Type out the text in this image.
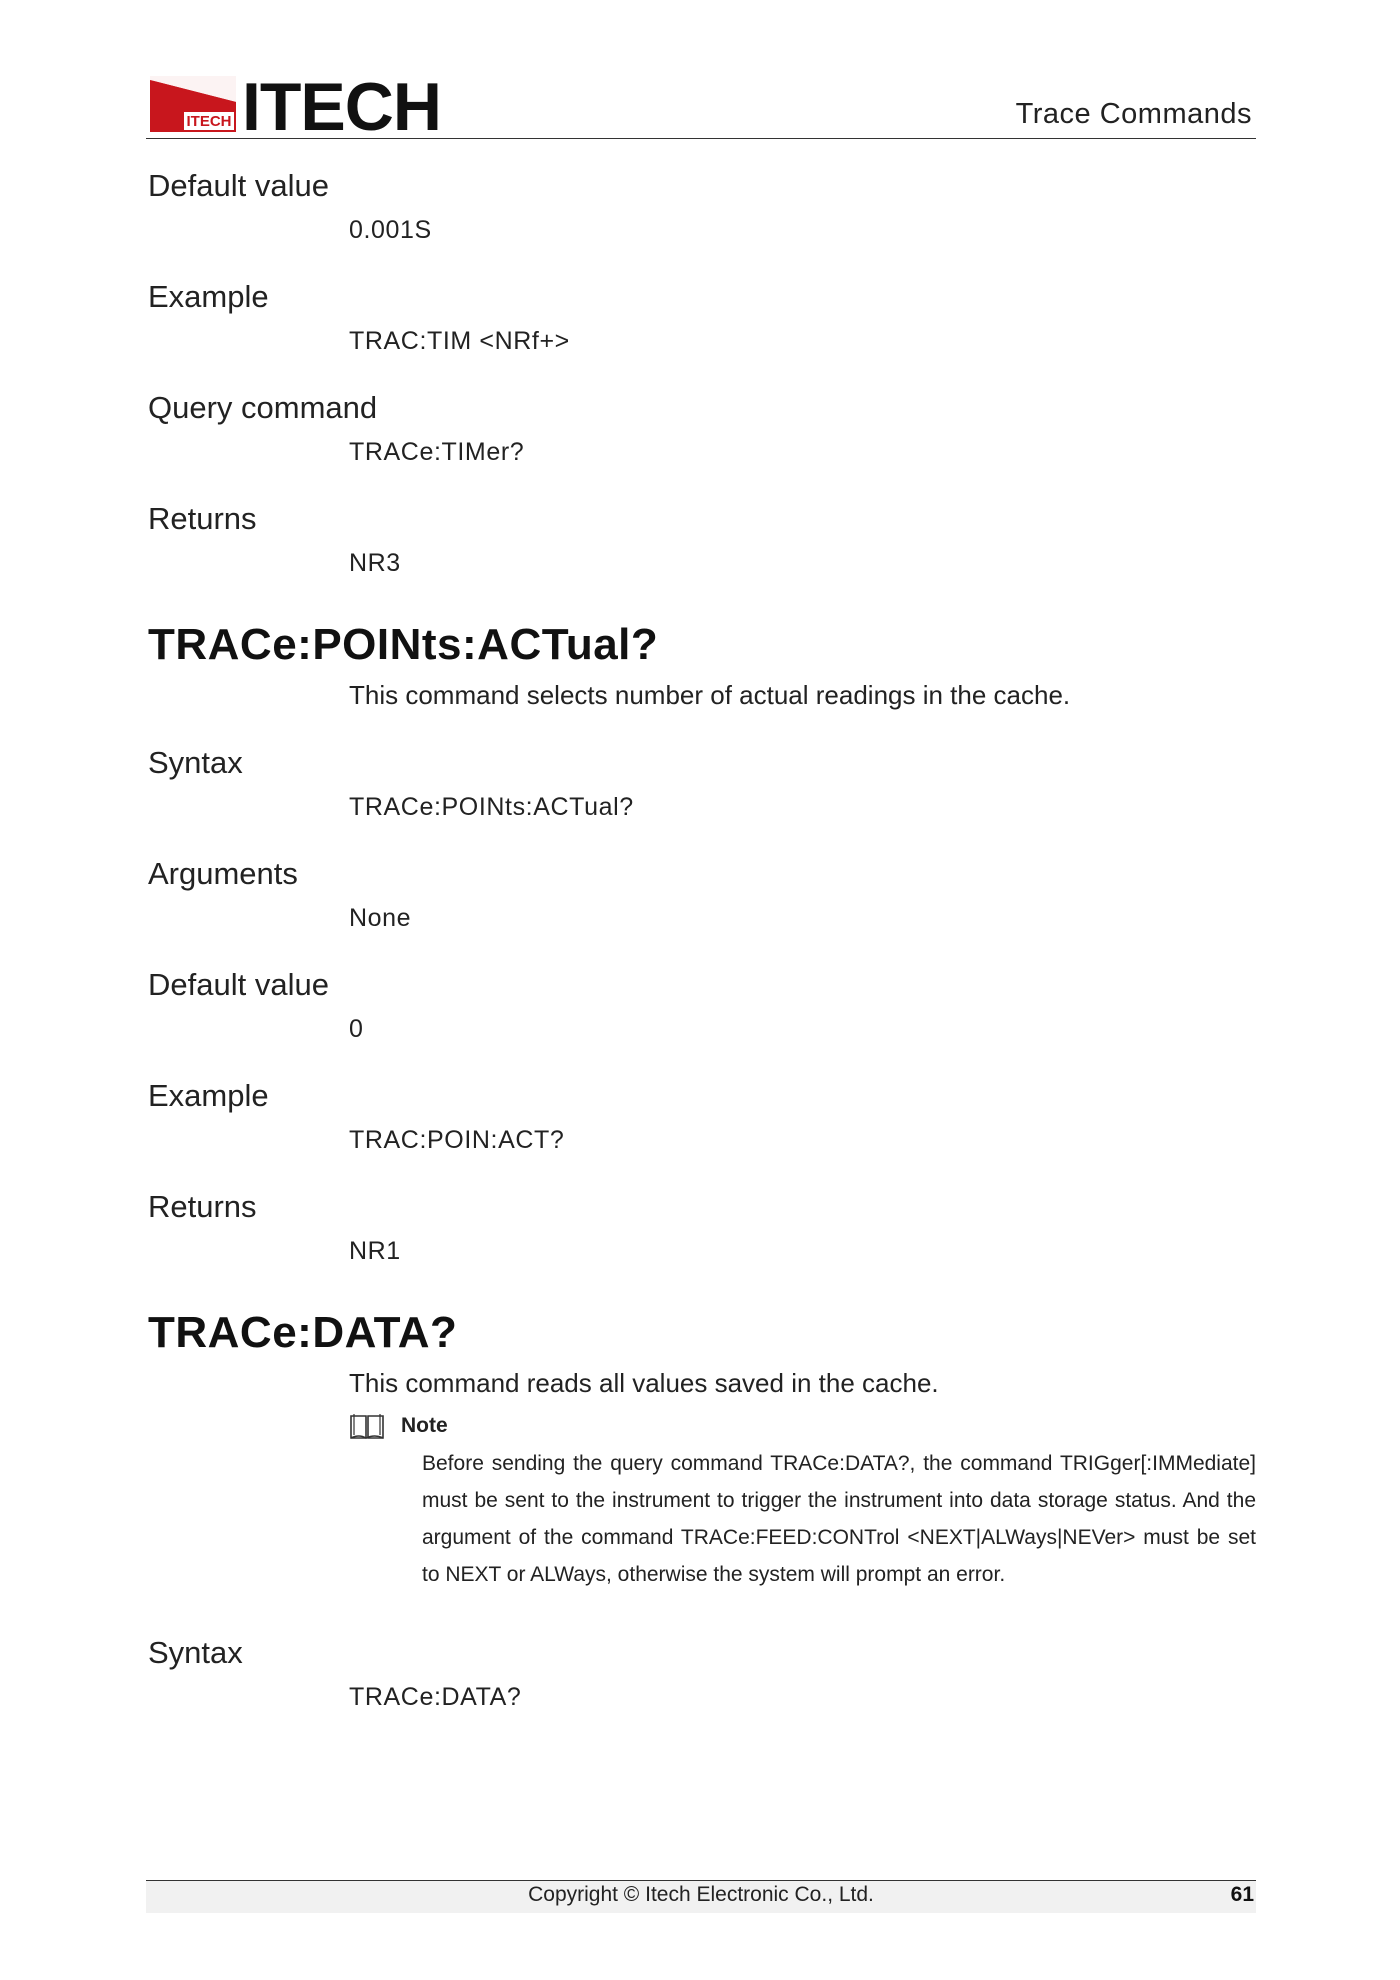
ITECH ITECH	Trace Commands

Default value

0.001S

Example

TRAC:TIM <NRf+>

Query command

TRACe:TIMer?

Returns

NR3

TRACe:POINts:ACTual?

This command selects number of actual readings in the cache.

Syntax

TRACe:POINts:ACTual?

Arguments

None

Default value

0

Example

TRAC:POIN:ACT?

Returns

NR1

TRACe:DATA?

This command reads all values saved in the cache.

Note
Before sending the query command TRACe:DATA?, the command TRIGger[:IMMediate] must be sent to the instrument to trigger the instrument into data storage status. And the argument of the command TRACe:FEED:CONTrol <NEXT|ALWays|NEVer> must be set to NEXT or ALWays, otherwise the system will prompt an error.

Syntax

TRACe:DATA?

Copyright © Itech Electronic Co., Ltd.	61
